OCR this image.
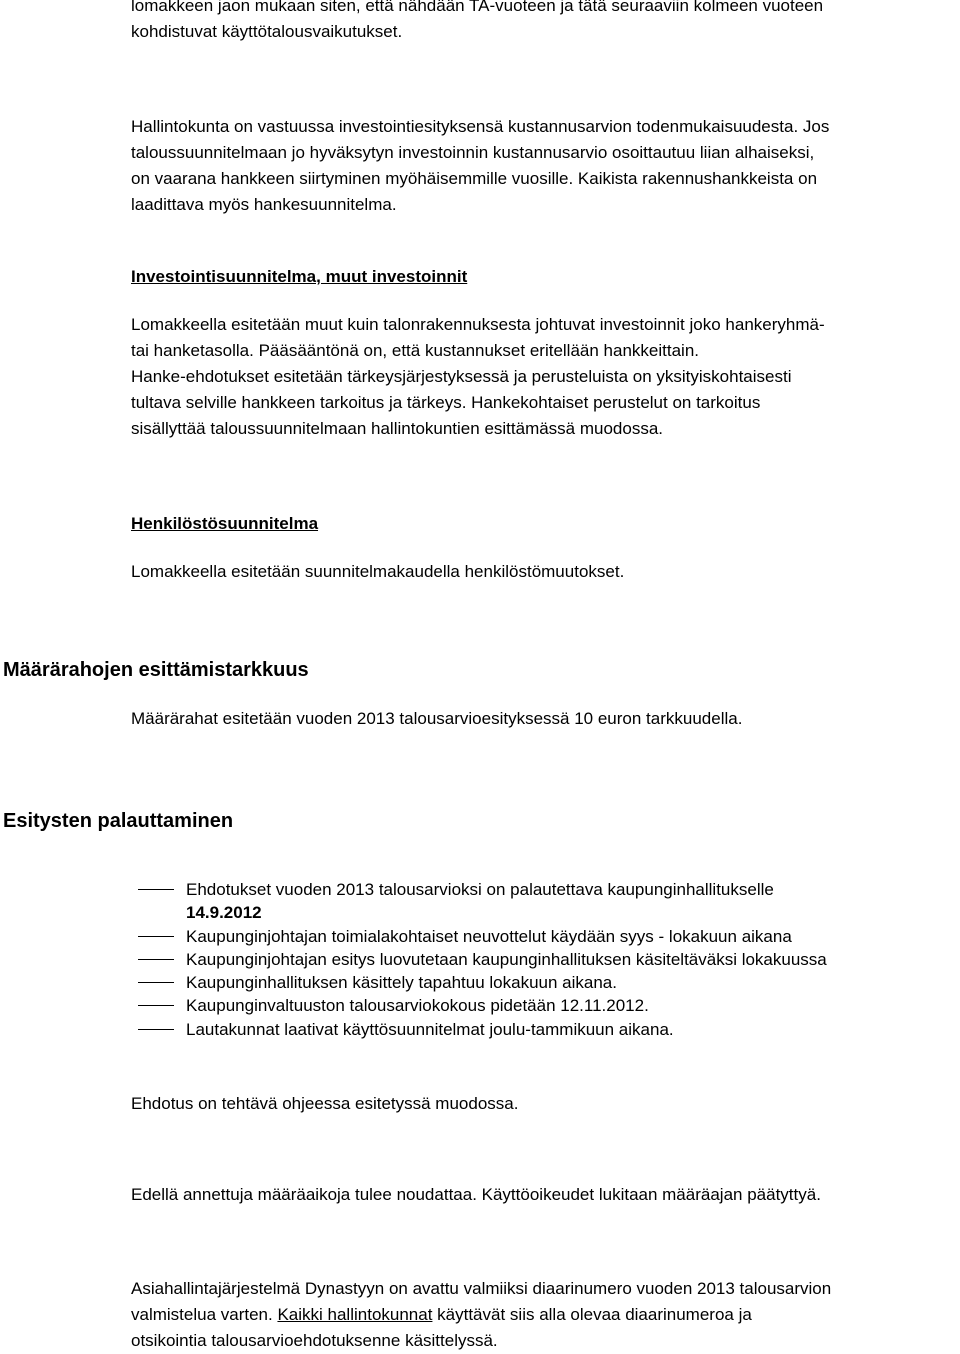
lomakkeen jaon mukaan siten, että nähdään TA-vuoteen ja tätä seuraaviin kolmeen vuoteen
kohdistuvat käyttötalousvaikutukset.

Hallintokunta on vastuussa investointiesityksensä kustannusarvion todenmukaisuudesta. Jos
taloussuunnitelmaan jo hyväksytyn investoinnin kustannusarvio osoittautuu liian alhaiseksi,
on vaarana hankkeen siirtyminen myöhäisemmille vuosille. Kaikista rakennushankkeista on
laadittava myös hankesuunnitelma.

Investointisuunnitelma, muut investoinnit

Lomakkeella esitetään muut kuin talonrakennuksesta johtuvat investoinnit joko hankeryhmä-
tai hanketasolla. Pääsääntönä on, että kustannukset eritellään hankkeittain.
Hanke-ehdotukset esitetään tärkeysjärjestyksessä ja perusteluista on yksityiskohtaisesti
tultava selville hankkeen tarkoitus ja tärkeys. Hankekohtaiset perustelut on tarkoitus
sisällyttää taloussuunnitelmaan hallintokuntien esittämässä muodossa.

Henkilöstösuunnitelma

Lomakkeella esitetään suunnitelmakaudella henkilöstömuutokset.

Määrärahojen esittämistarkkuus

Määrärahat esitetään vuoden 2013 talousarvioesityksessä 10 euron tarkkuudella.

Esitysten palauttaminen
Ehdotukset vuoden 2013 talousarvioksi on palautettava kaupunginhallitukselle
14.9.2012
Kaupunginjohtajan toimialakohtaiset neuvottelut käydään syys - lokakuun aikana
Kaupunginjohtajan esitys luovutetaan kaupunginhallituksen käsiteltäväksi lokakuussa
Kaupunginhallituksen käsittely tapahtuu lokakuun aikana.
Kaupunginvaltuuston talousarviokokous pidetään 12.11.2012.
Lautakunnat laativat käyttösuunnitelmat joulu-tammikuun aikana.

Ehdotus on tehtävä ohjeessa esitetyssä muodossa.

Edellä annettuja määräaikoja tulee noudattaa. Käyttöoikeudet lukitaan määräajan päätyttyä.

Asiahallintajärjestelmä Dynastyyn on avattu valmiiksi diaarinumero vuoden 2013 talousarvion
valmistelua varten. Kaikki hallintokunnat käyttävät siis alla olevaa diaarinumeroa ja
otsikointia talousarvioehdotuksenne käsittelyssä.
